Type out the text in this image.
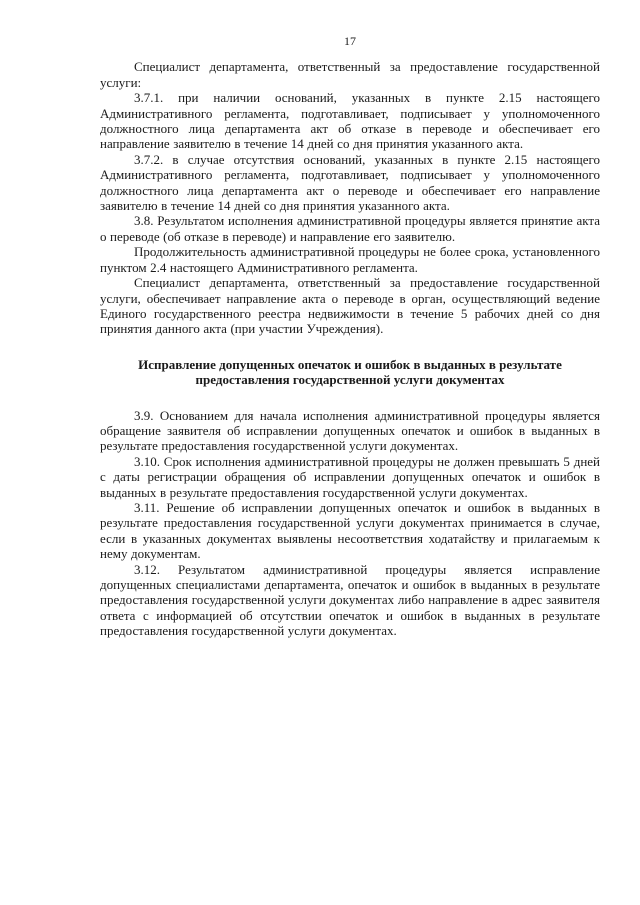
17

Специалист департамента, ответственный за предоставление государственной услуги:

3.7.1. при наличии оснований, указанных в пункте 2.15 настоящего Административного регламента, подготавливает, подписывает у уполномоченного должностного лица департамента акт об отказе в переводе и обеспечивает его направление заявителю в течение 14 дней со дня принятия указанного акта.

3.7.2. в случае отсутствия оснований, указанных в пункте 2.15 настоящего Административного регламента, подготавливает, подписывает у уполномоченного должностного лица департамента акт о переводе и обеспечивает его направление заявителю в течение 14 дней со дня принятия указанного акта.

3.8. Результатом исполнения административной процедуры является принятие акта о переводе (об отказе в переводе) и направление его заявителю.

Продолжительность административной процедуры не более срока, установленного пунктом 2.4 настоящего Административного регламента.

Специалист департамента, ответственный за предоставление государственной услуги, обеспечивает направление акта о переводе в орган, осуществляющий ведение Единого государственного реестра недвижимости в течение 5 рабочих дней со дня принятия данного акта (при участии Учреждения).

Исправление допущенных опечаток и ошибок в выданных в результате предоставления государственной услуги документах

3.9. Основанием для начала исполнения административной процедуры является обращение заявителя об исправлении допущенных опечаток и ошибок в выданных в результате предоставления государственной услуги документах.

3.10. Срок исполнения административной процедуры не должен превышать 5 дней с даты регистрации обращения об исправлении допущенных опечаток и ошибок в выданных в результате предоставления государственной услуги документах.

3.11. Решение об исправлении допущенных опечаток и ошибок в выданных в результате предоставления государственной услуги документах принимается в случае, если в указанных документах выявлены несоответствия ходатайству и прилагаемым к нему документам.

3.12. Результатом административной процедуры является исправление допущенных специалистами департамента, опечаток и ошибок в выданных в результате предоставления государственной услуги документах либо направление в адрес заявителя ответа с информацией об отсутствии опечаток и ошибок в выданных в результате предоставления государственной услуги документах.
